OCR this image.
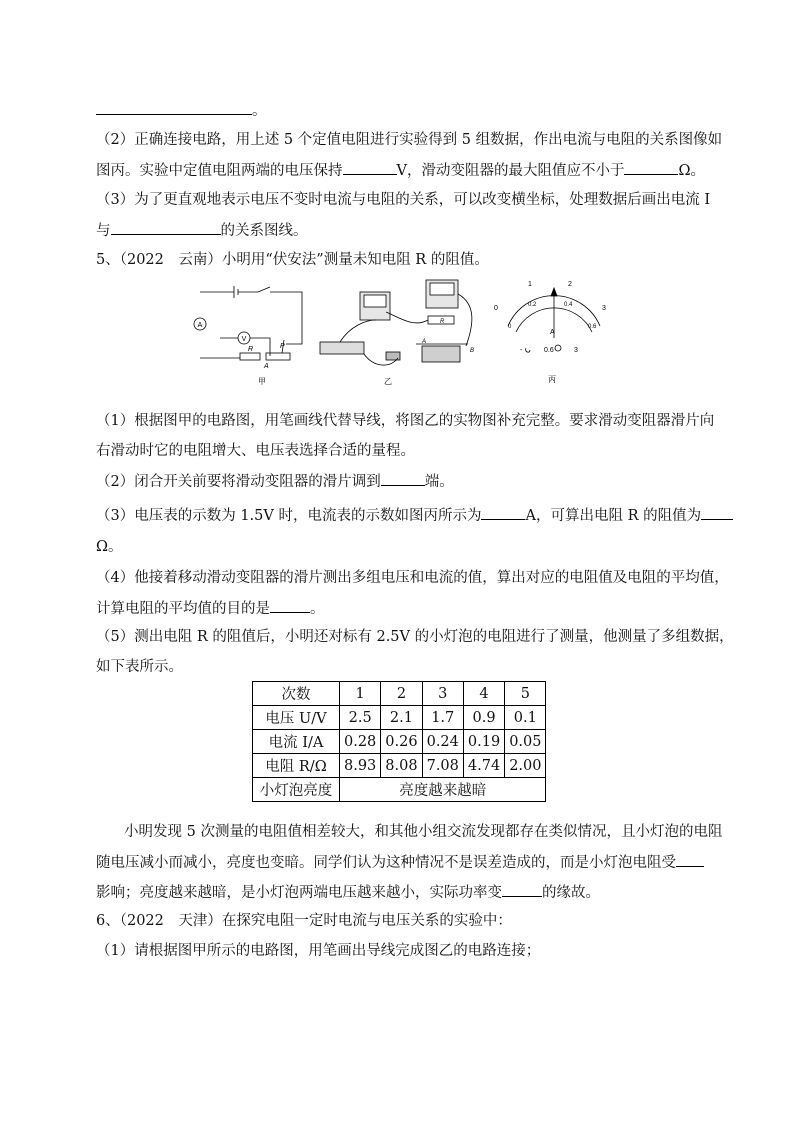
。
（2）正确连接电路，用上述 5 个定值电阻进行实验得到 5 组数据，作出电流与电阻的关系图像如
图丙。实验中定值电阻两端的电压保持	V，滑动变阻器的最大阻值应不小于	Ω。
（3）为了更直观地表示电压不变时电流与电阻的关系，可以改变横坐标，处理数据后画出电流 I
与	的关系图线。
5、（2022　云南）小明用“伏安法”测量未知电阻 R 的阻值。
A
V
R	P
A
甲
R
A
B
乙
0
1	2
3
0
0.2	0.4
0.6
A
-	0.6	3
丙
（1）根据图甲的电路图，用笔画线代替导线，将图乙的实物图补充完整。要求滑动变阻器滑片向
右滑动时它的电阻增大、电压表选择合适的量程。
（2）闭合开关前要将滑动变阻器的滑片调到	端。
（3）电压表的示数为 1.5V 时，电流表的示数如图丙所示为	A，可算出电阻 R 的阻值为
Ω。
（4）他接着移动滑动变阻器的滑片测出多组电压和电流的值，算出对应的电阻值及电阻的平均值，
计算电阻的平均值的目的是	。
（5）测出电阻 R 的阻值后，小明还对标有 2.5V 的小灯泡的电阻进行了测量，他测量了多组数据，
如下表所示。
次数	1	2	3	4	5
电压 U/V	2.5	2.1	1.7	0.9	0.1
电流 I/A	0.28	0.26	0.24	0.19	0.05
电阻 R/Ω	8.93	8.08	7.08	4.74	2.00
小灯泡亮度	亮度越来越暗				
小明发现 5 次测量的电阻值相差较大，和其他小组交流发现都存在类似情况，且小灯泡的电阻
随电压减小而减小，亮度也变暗。同学们认为这种情况不是误差造成的，而是小灯泡电阻受
影响；亮度越来越暗，是小灯泡两端电压越来越小，实际功率变	的缘故。
6、（2022　天津）在探究电阻一定时电流与电压关系的实验中：
（1）请根据图甲所示的电路图，用笔画出导线完成图乙的电路连接；
